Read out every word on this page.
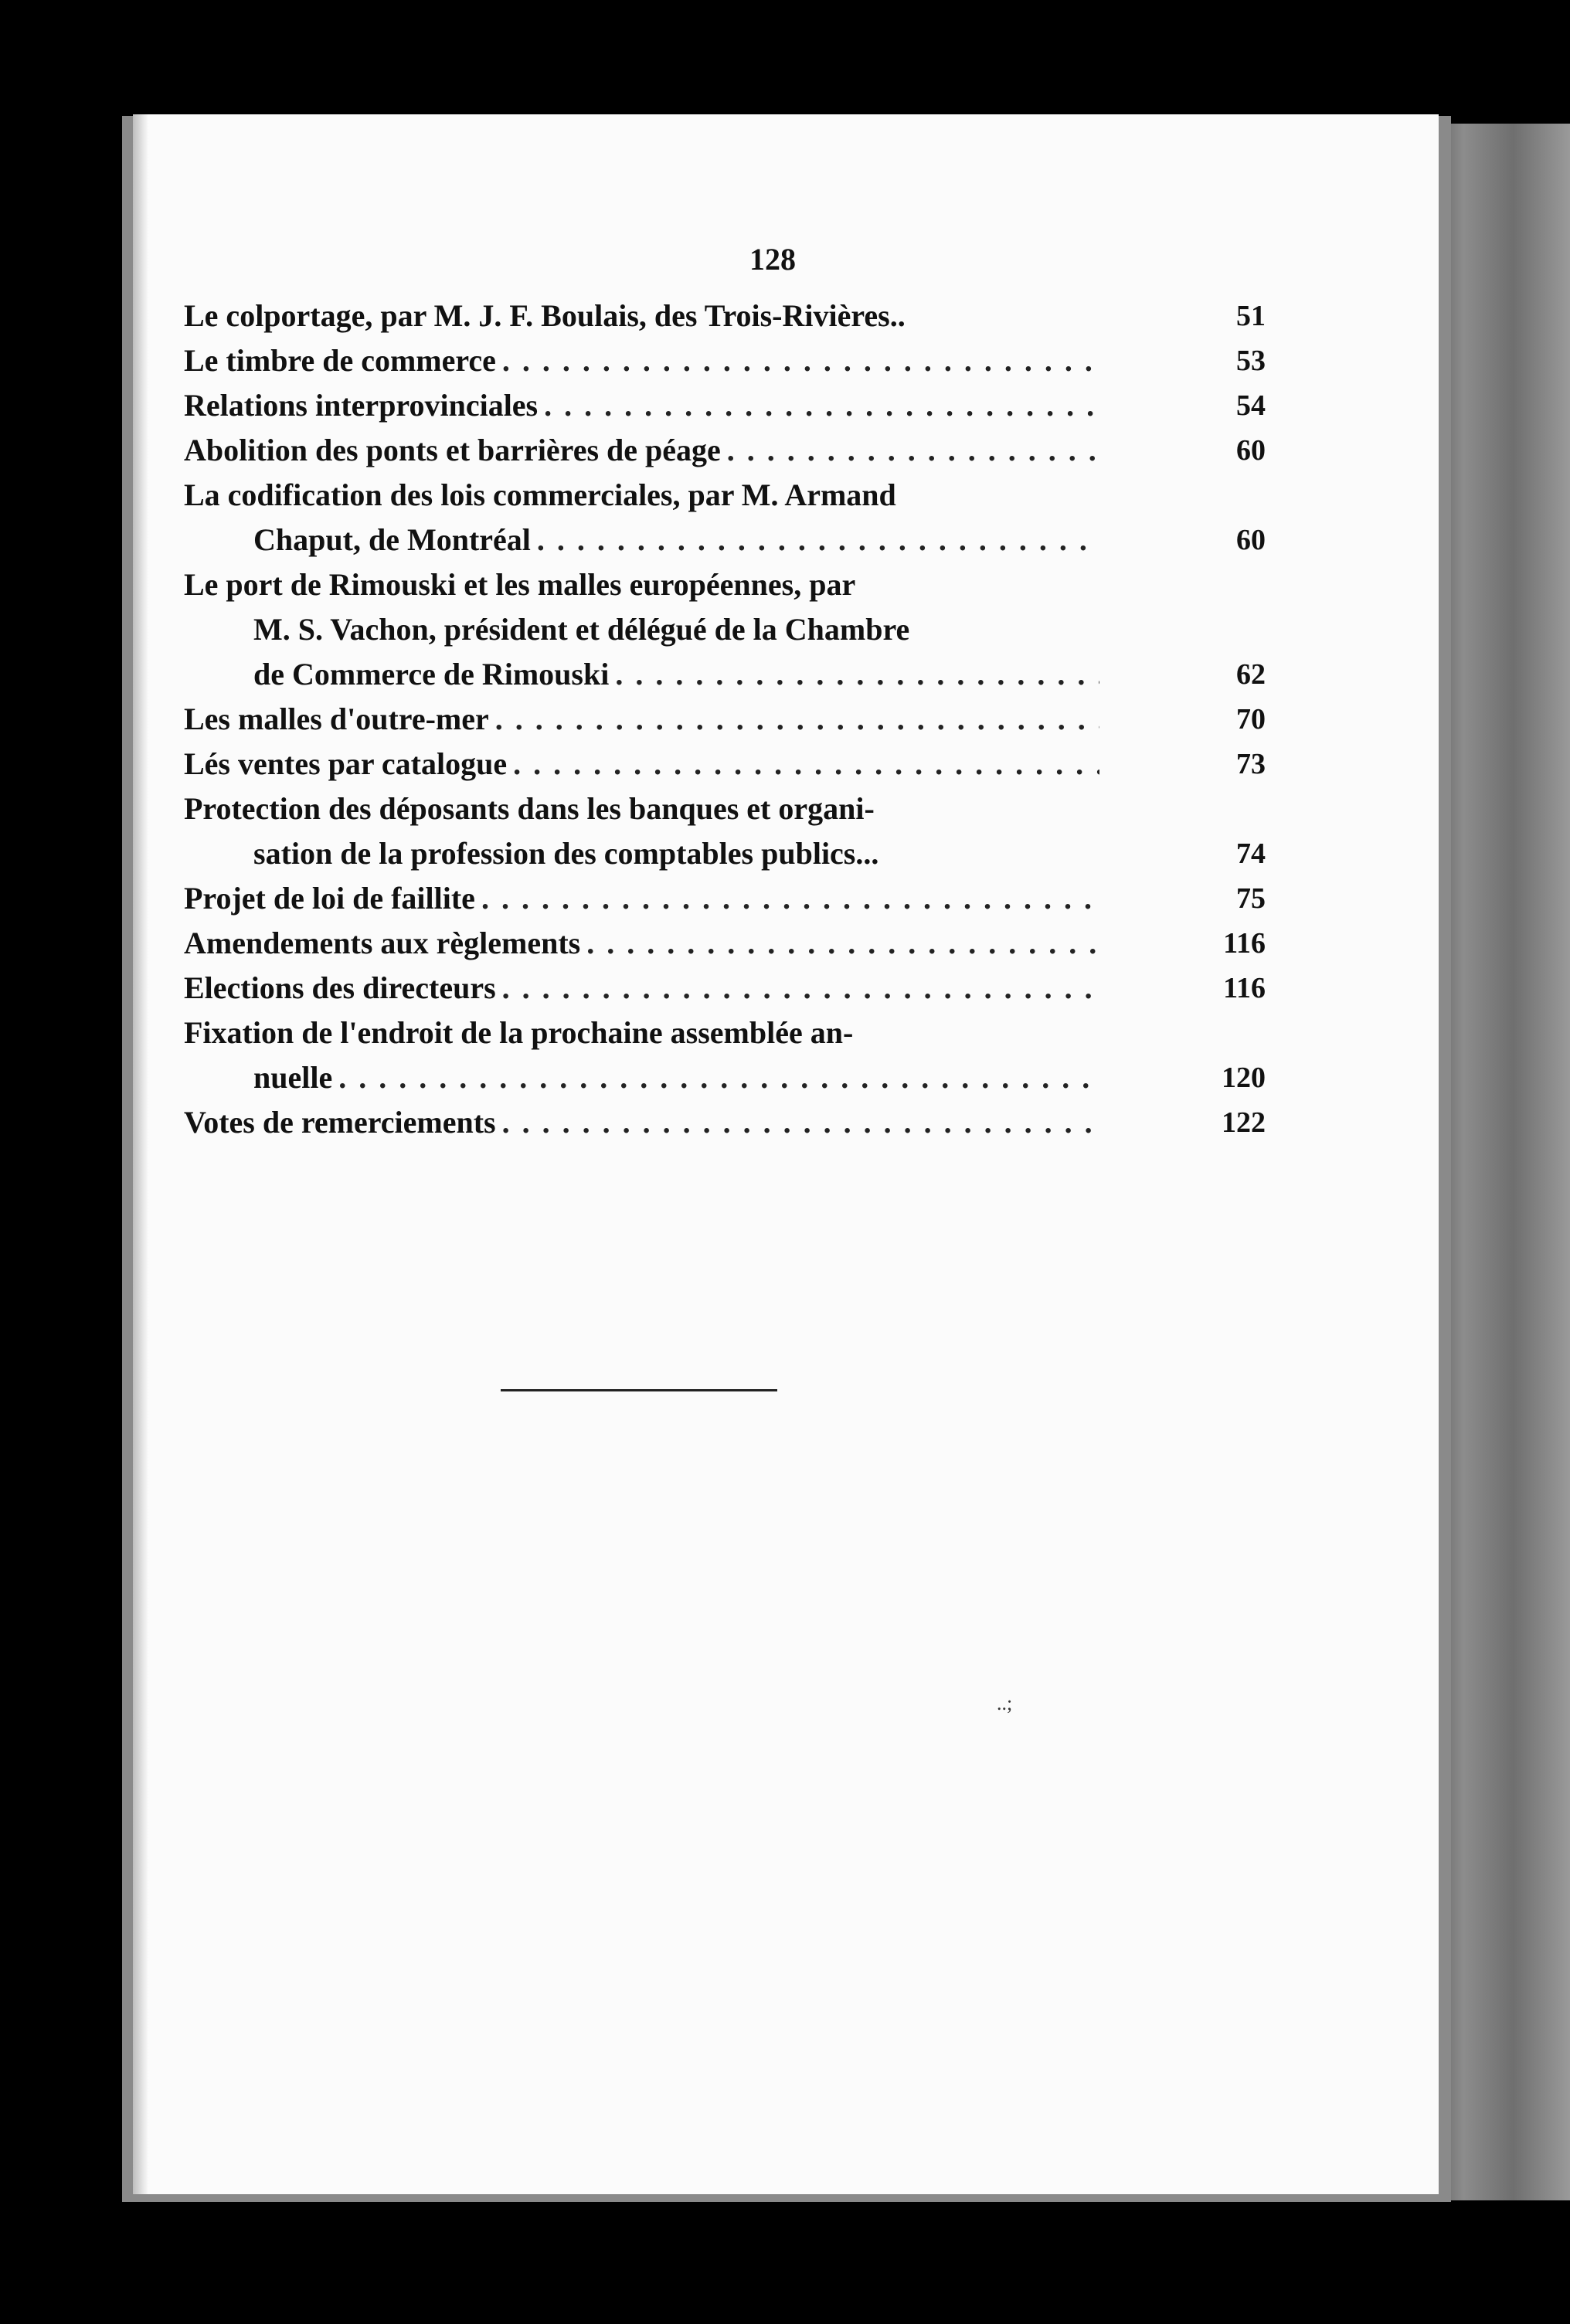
128
Le colportage, par M. J. F. Boulais, des Trois-Rivières..	51
Le timbre de commerce . . .	53
Relations interprovinciales . . .	54
Abolition des ponts et barrières de péage . . .	60
La codification des lois commerciales, par M. Armand
Chaput, de Montréal . . .	60
Le port de Rimouski et les malles européennes, par
M. S. Vachon, président et délégué de la Chambre
de Commerce de Rimouski . . .	62
Les malles d'outre-mer . . .	70
Lés ventes par catalogue . . .	73
Protection des déposants dans les banques et organi-
sation de la profession des comptables publics...	74
Projet de loi de faillite . . .	75
Amendements aux règlements . . .	116
Elections des directeurs . . .	116
Fixation de l'endroit de la prochaine assemblée an-
nuelle . . .	120
Votes de remerciements . . .	122
..;
